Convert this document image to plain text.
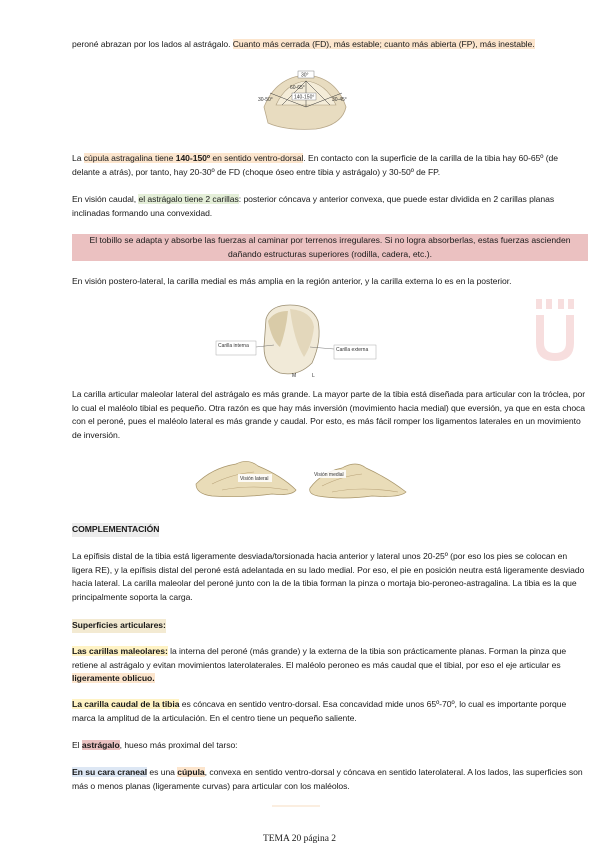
peroné abrazan por los lados al astrágalo. Cuanto más cerrada (FD), más estable; cuanto más abierta (FP), más inestable.

30°
140-150°
60-65°
30-50°	30-45°

La cúpula astragalina tiene 140-150º en sentido ventro-dorsal. En contacto con la superficie de la carilla de la tibia hay 60-65º (de delante a atrás), por tanto, hay 20-30º de FD (choque óseo entre tibia y astrágalo) y 30-50º de FP.

En visión caudal, el astrágalo tiene 2 carillas: posterior cóncava y anterior convexa, que puede estar dividida en 2 carillas planas inclinadas formando una convexidad.

El tobillo se adapta y absorbe las fuerzas al caminar por terrenos irregulares. Si no logra absorberlas, estas fuerzas ascienden dañando estructuras superiores (rodilla, cadera, etc.).

En visión postero-lateral, la carilla medial es más amplia en la región anterior, y la carilla externa lo es en la posterior.

Carilla interna
Carilla externa
M	L

La carilla articular maleolar lateral del astrágalo es más grande. La mayor parte de la tibia está diseñada para articular con la tróclea, por lo cual el maléolo tibial es pequeño. Otra razón es que hay más inversión (movimiento hacia medial) que eversión, ya que en esta choca con el peroné, pues el maléolo lateral es más grande y caudal. Por esto, es más fácil romper los ligamentos laterales en un movimiento de inversión.

Visión lateral
Visión medial

COMPLEMENTACIÓN

La epífisis distal de la tibia está ligeramente desviada/torsionada hacia anterior y lateral unos 20-25º (por eso los pies se colocan en ligera RE), y la epífisis distal del peroné está adelantada en su lado medial. Por eso, el pie en posición neutra está ligeramente desviado hacia lateral. La carilla maleolar del peroné junto con la de la tibia forman la pinza o mortaja bio-peroneo-astragalina. La tibia es la que principalmente soporta la carga.

Superficies articulares:

Las carillas maleolares: la interna del peroné (más grande) y la externa de la tibia son prácticamente planas. Forman la pinza que retiene al astrágalo y evitan movimientos laterolaterales. El maléolo peroneo es más caudal que el tibial, por eso el eje articular es ligeramente oblicuo.

La carilla caudal de la tibia es cóncava en sentido ventro-dorsal. Esa concavidad mide unos 65º-70º, lo cual es importante porque marca la amplitud de la articulación. En el centro tiene un pequeño saliente.

El astrágalo, hueso más proximal del tarso:

En su cara craneal es una cúpula, convexa en sentido ventro-dorsal y cóncava en sentido laterolateral. A los lados, las superficies son más o menos planas (ligeramente curvas) para articular con los maléolos.

TEMA 20 página 2
